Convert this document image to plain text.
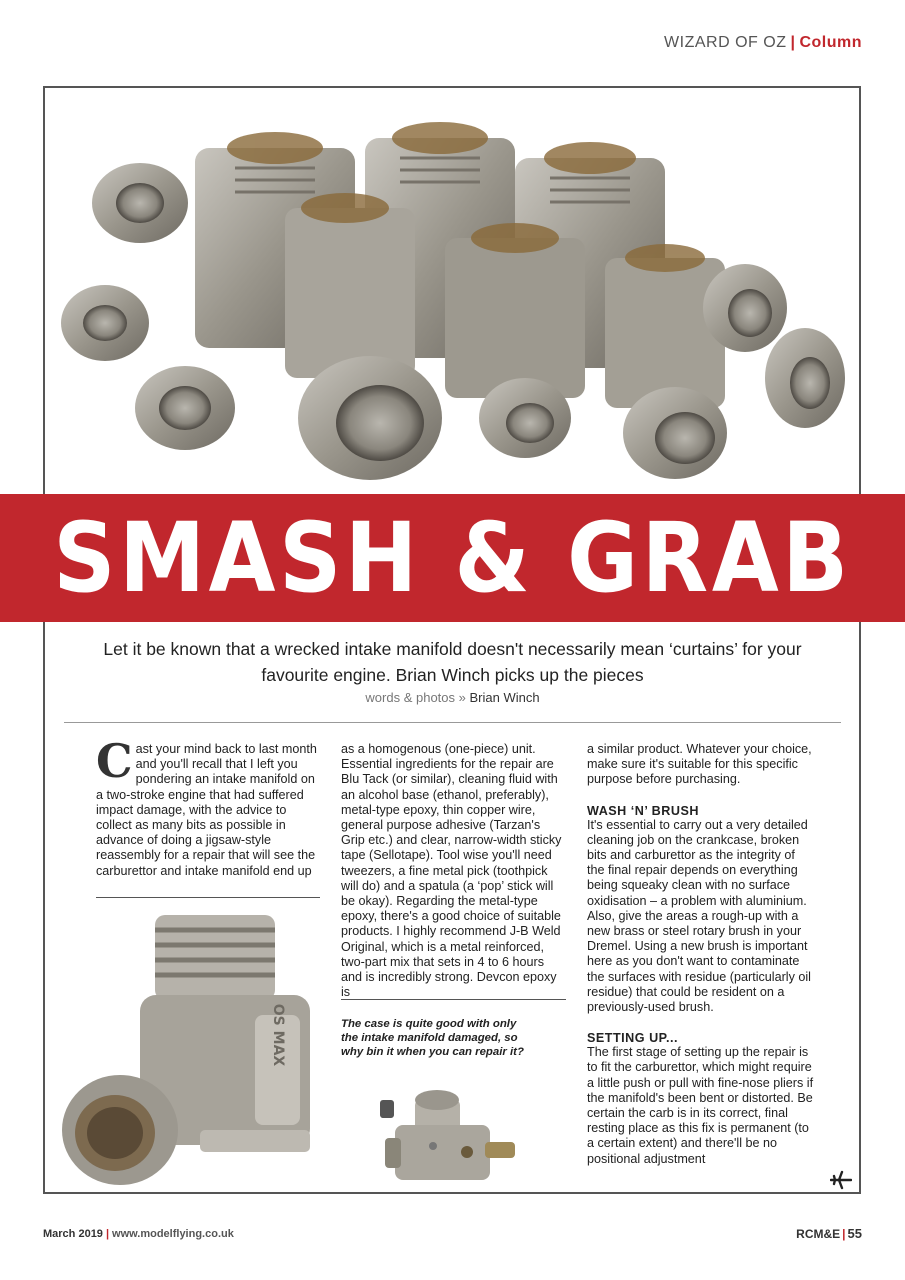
WIZARD OF OZ | Column
SMASH & GRAB
Let it be known that a wrecked intake manifold doesn't necessarily mean ‘curtains’ for your favourite engine. Brian Winch picks up the pieces
words & photos » Brian Winch

Cast your mind back to last month and you'll recall that I left you pondering an intake manifold on a two-stroke engine that had suffered impact damage, with the advice to collect as many bits as possible in advance of doing a jigsaw-style reassembly for a repair that will see the carburettor and intake manifold end up

as a homogenous (one-piece) unit. Essential ingredients for the repair are Blu Tack (or similar), cleaning fluid with an alcohol base (ethanol, preferably), metal-type epoxy, thin copper wire, general purpose adhesive (Tarzan's Grip etc.) and clear, narrow-width sticky tape (Sellotape). Tool wise you'll need tweezers, a fine metal pick (toothpick will do) and a spatula (a ‘pop’ stick will be okay). Regarding the metal-type epoxy, there's a good choice of suitable products. I highly recommend J-B Weld Original, which is a metal reinforced, two-part mix that sets in 4 to 6 hours and is incredibly strong. Devcon epoxy is

The case is quite good with only the intake manifold damaged, so why bin it when you can repair it?

a similar product. Whatever your choice, make sure it's suitable for this specific purpose before purchasing.

WASH ‘N’ BRUSH

It's essential to carry out a very detailed cleaning job on the crankcase, broken bits and carburettor as the integrity of the final repair depends on everything being squeaky clean with no surface oxidisation – a problem with aluminium. Also, give the areas a rough-up with a new brass or steel rotary brush in your Dremel. Using a new brush is important here as you don't want to contaminate the surfaces with residue (particularly oil residue) that could be resident on a previously-used brush.

SETTING UP...

The first stage of setting up the repair is to fit the carburettor, which might require a little push or pull with fine-nose pliers if the manifold's been bent or distorted. Be certain the carb is in its correct, final resting place as this fix is permanent (to a certain extent) and there'll be no positional adjustment

OS MAX
March 2019 | www.modelflying.co.uk	RCM&E | 55
